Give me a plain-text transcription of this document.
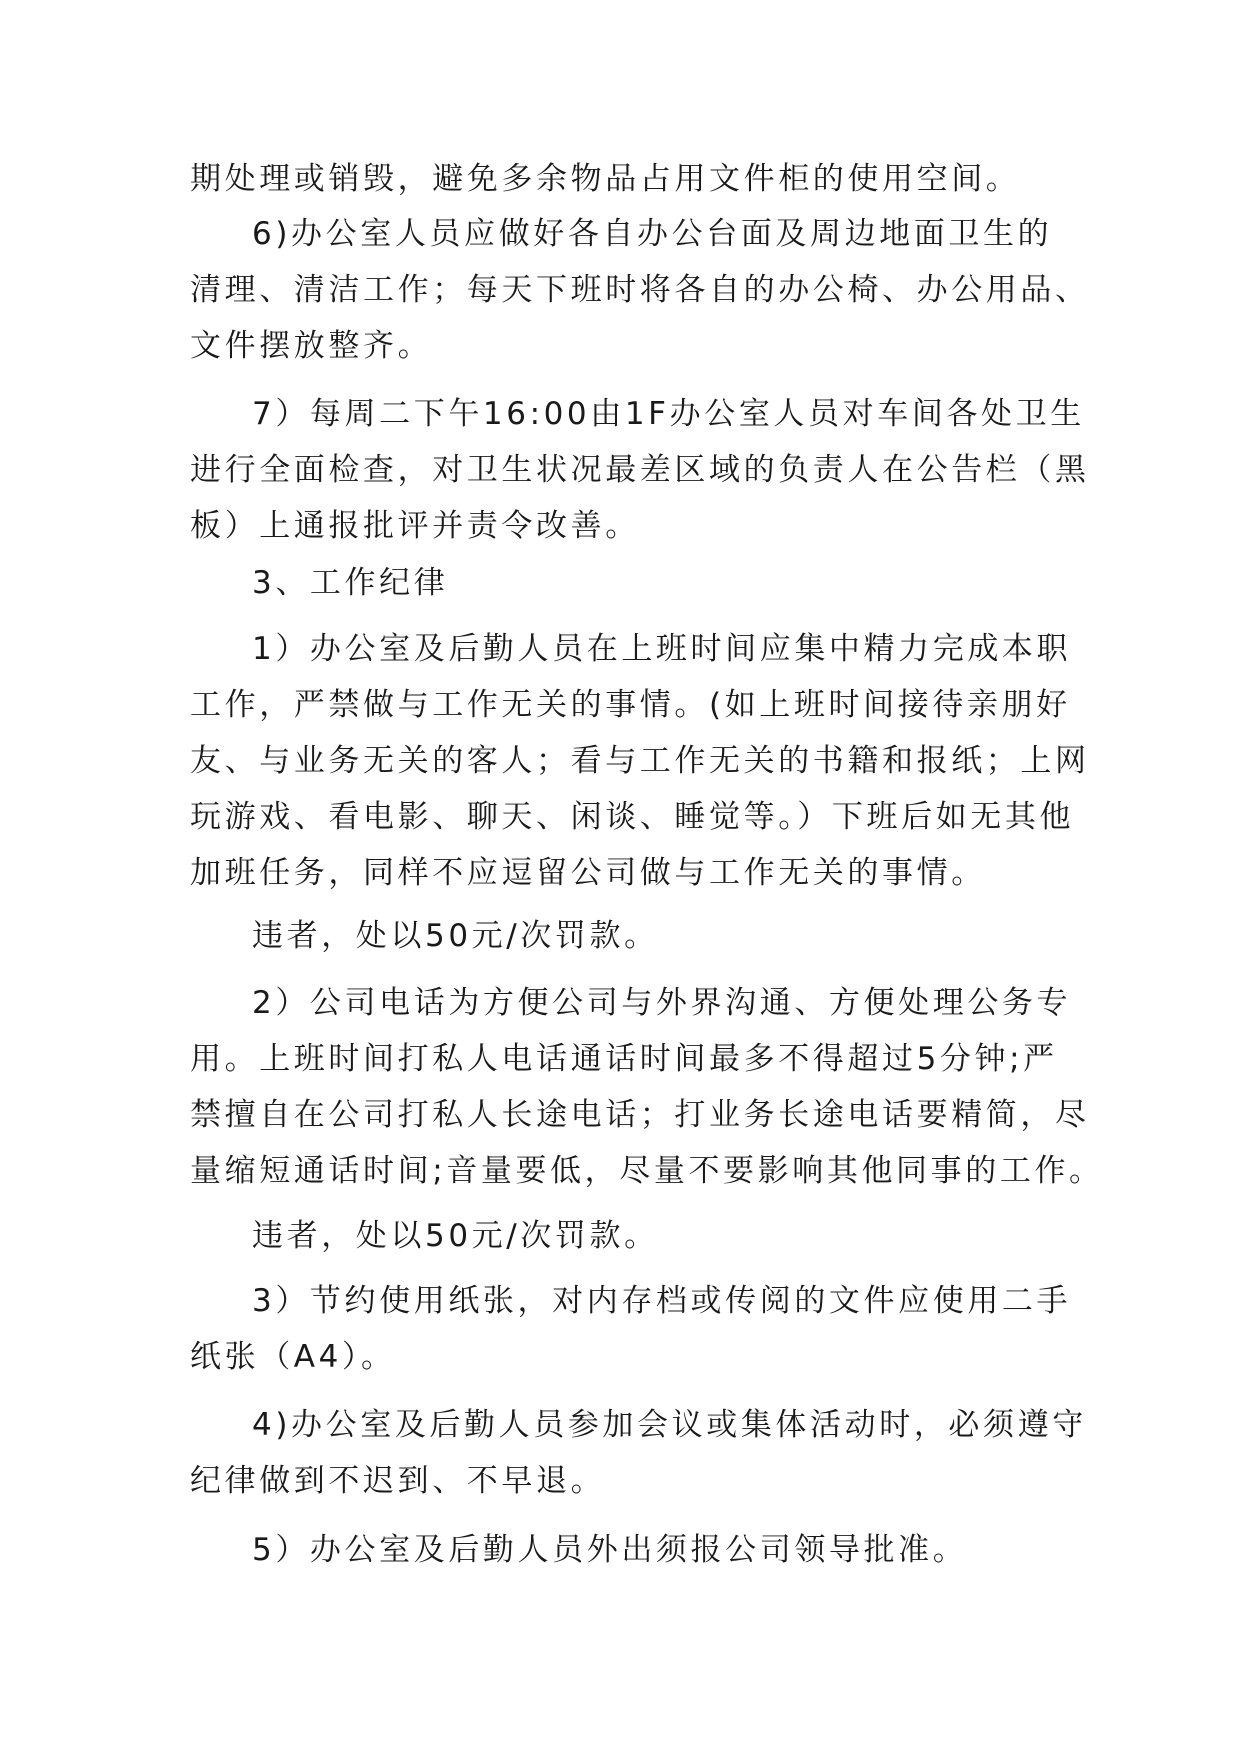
期处理或销毁，避免多余物品占用文件柜的使用空间。
6)办公室人员应做好各自办公台面及周边地面卫生的
清理、清洁工作；每天下班时将各自的办公椅、办公用品、
文件摆放整齐。
7）每周二下午16:00由1F办公室人员对车间各处卫生
进行全面检查，对卫生状况最差区域的负责人在公告栏（黑
板）上通报批评并责令改善。
3、工作纪律
1）办公室及后勤人员在上班时间应集中精力完成本职
工作，严禁做与工作无关的事情。(如上班时间接待亲朋好
友、与业务无关的客人；看与工作无关的书籍和报纸；上网
玩游戏、看电影、聊天、闲谈、睡觉等。）下班后如无其他
加班任务，同样不应逗留公司做与工作无关的事情。
违者，处以50元/次罚款。
2）公司电话为方便公司与外界沟通、方便处理公务专
用。上班时间打私人电话通话时间最多不得超过5分钟;严
禁擅自在公司打私人长途电话；打业务长途电话要精简，尽
量缩短通话时间;音量要低，尽量不要影响其他同事的工作。
违者，处以50元/次罚款。
3）节约使用纸张，对内存档或传阅的文件应使用二手
纸张（A4）。
4)办公室及后勤人员参加会议或集体活动时，必须遵守
纪律做到不迟到、不早退。
5）办公室及后勤人员外出须报公司领导批准。
